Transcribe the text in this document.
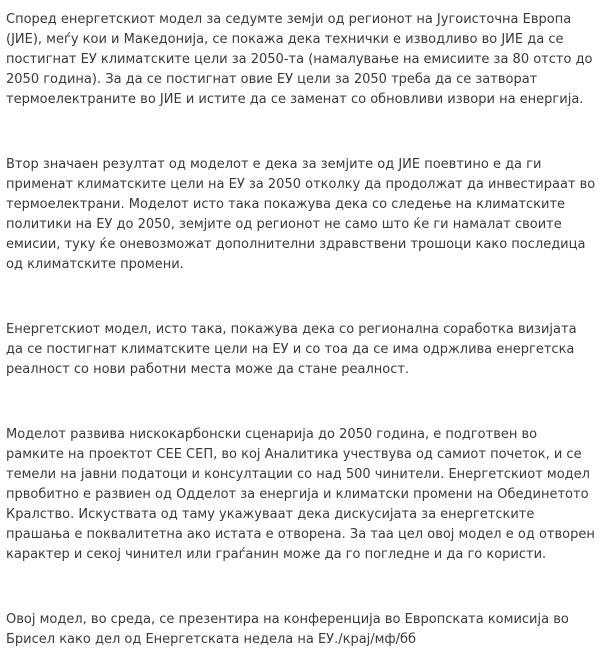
Според енергетскиот модел за седумте земји од регионот на Југоисточна Европа (ЈИЕ), меѓу кои и Македонија, се покажа дека технички е изводливо во ЈИЕ да се постигнат ЕУ климатските цели за 2050-та (намалување на емисиите за 80 отсто до 2050 година). За да се постигнат овие ЕУ цели за 2050 треба да се затворат термоелектраните во ЈИЕ и истите да се заменат со обновливи извори на енергија.

Втор значаен резултат од моделот е дека за земјите од ЈИЕ поевтино е да ги применат климатските цели на ЕУ за 2050 отколку да продолжат да инвестираат во термоелектрани. Моделот исто така покажува дека со следење на климатските политики на ЕУ до 2050, земјите од регионот не само што ќе ги намалат своите емисии, туку ќе оневозможат дополнителни здравствени трошоци како последица од климатските промени.

Енергетскиот модел, исто така, покажува дека со регионална соработка визијата да се постигнат климатските цели на ЕУ и со тоа да се има одржлива енергетска реалност со нови работни места може да стане реалност.

Моделот развива нискокарбонски сценарија до 2050 година, е подготвен во рамките на проектот СЕЕ СЕП, во кој Аналитика учествува од самиот почеток, и се темели на јавни податоци и консултации со над 500 чинители. Енергетскиот модел првобитно е развиен од Одделот за енергија и климатски промени на Обединетото Кралство. Искуствата од таму укажуваат дека дискусијата за енергетските прашања е поквалитетна ако истата е отворена. За таа цел овој модел е од отворен карактер и секој чинител или граѓанин може да го погледне и да го користи.

Овој модел, во среда, се презентира на конференција во Европската комисија во Брисел како дел од Енергетската недела на ЕУ./крај/мф/бб
